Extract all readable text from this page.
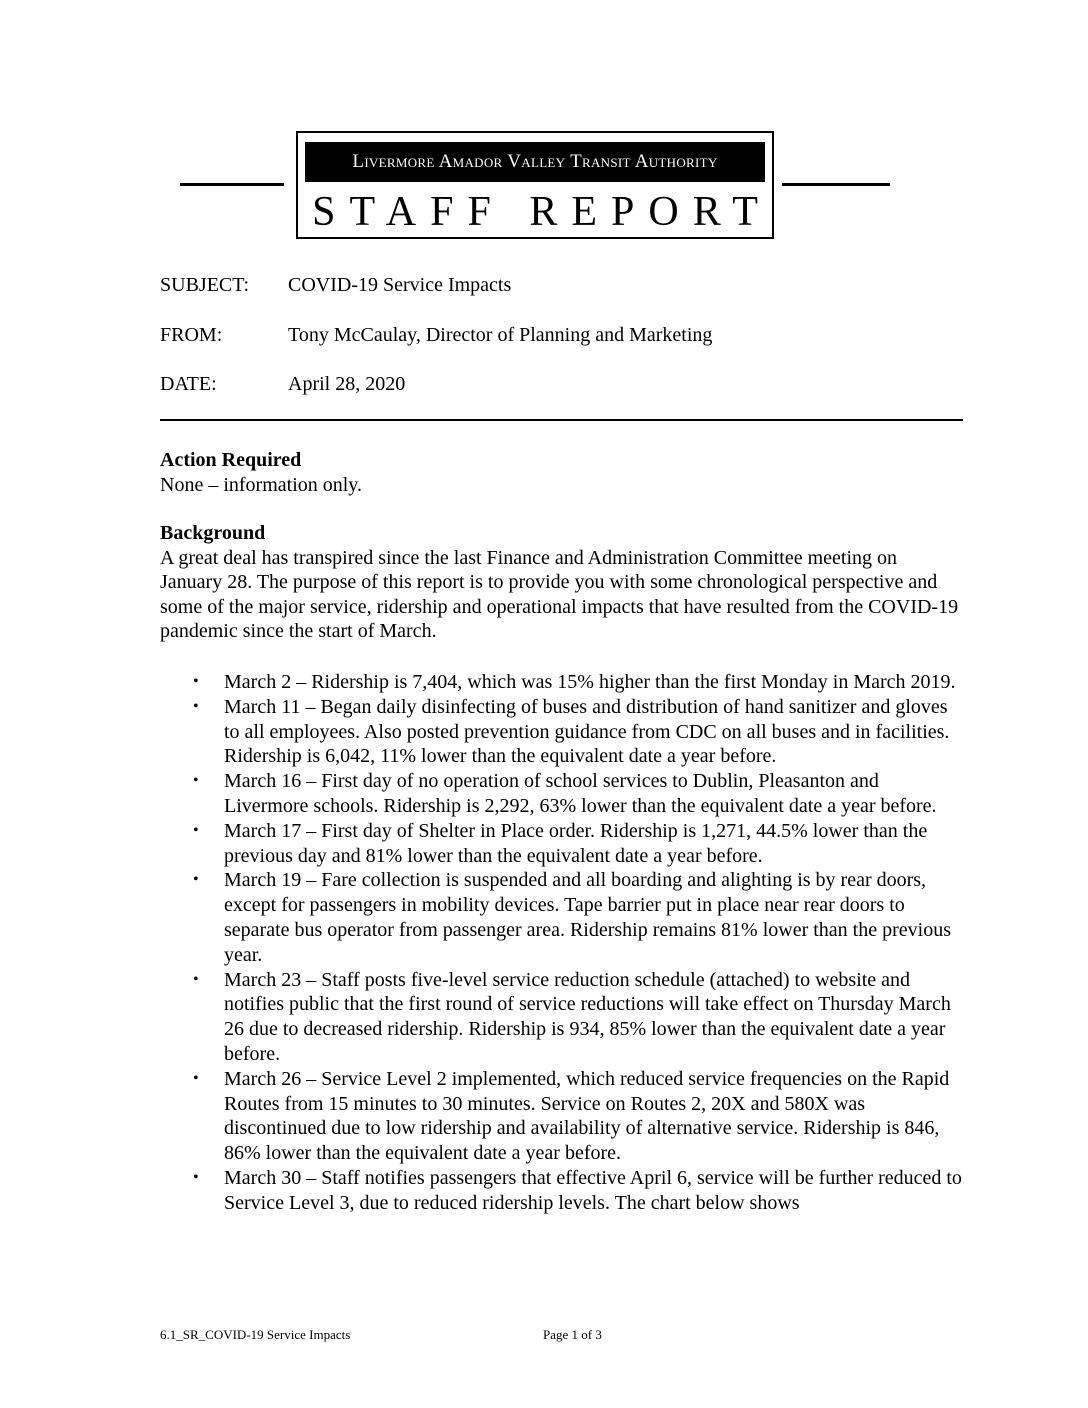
Livermore Amador Valley Transit Authority
STAFF REPORT
SUBJECT: COVID-19 Service Impacts
FROM:	Tony McCaulay, Director of Planning and Marketing
DATE:	April 28, 2020
Action Required

None – information only.

Background

A great deal has transpired since the last Finance and Administration Committee meeting on January 28. The purpose of this report is to provide you with some chronological perspective and some of the major service, ridership and operational impacts that have resulted from the COVID-19 pandemic since the start of March.

• March 2 – Ridership is 7,404, which was 15% higher than the first Monday in March 2019.
• March 11 – Began daily disinfecting of buses and distribution of hand sanitizer and gloves to all employees. Also posted prevention guidance from CDC on all buses and in facilities. Ridership is 6,042, 11% lower than the equivalent date a year before.
• March 16 – First day of no operation of school services to Dublin, Pleasanton and Livermore schools. Ridership is 2,292, 63% lower than the equivalent date a year before.
• March 17 – First day of Shelter in Place order. Ridership is 1,271, 44.5% lower than the previous day and 81% lower than the equivalent date a year before.
• March 19 – Fare collection is suspended and all boarding and alighting is by rear doors, except for passengers in mobility devices. Tape barrier put in place near rear doors to separate bus operator from passenger area. Ridership remains 81% lower than the previous year.
• March 23 – Staff posts five-level service reduction schedule (attached) to website and notifies public that the first round of service reductions will take effect on Thursday March 26 due to decreased ridership. Ridership is 934, 85% lower than the equivalent date a year before.
• March 26 – Service Level 2 implemented, which reduced service frequencies on the Rapid Routes from 15 minutes to 30 minutes. Service on Routes 2, 20X and 580X was discontinued due to low ridership and availability of alternative service. Ridership is 846, 86% lower than the equivalent date a year before.
• March 30 – Staff notifies passengers that effective April 6, service will be further reduced to Service Level 3, due to reduced ridership levels. The chart below shows
6.1_SR_COVID-19 Service Impacts	Page 1 of 3
